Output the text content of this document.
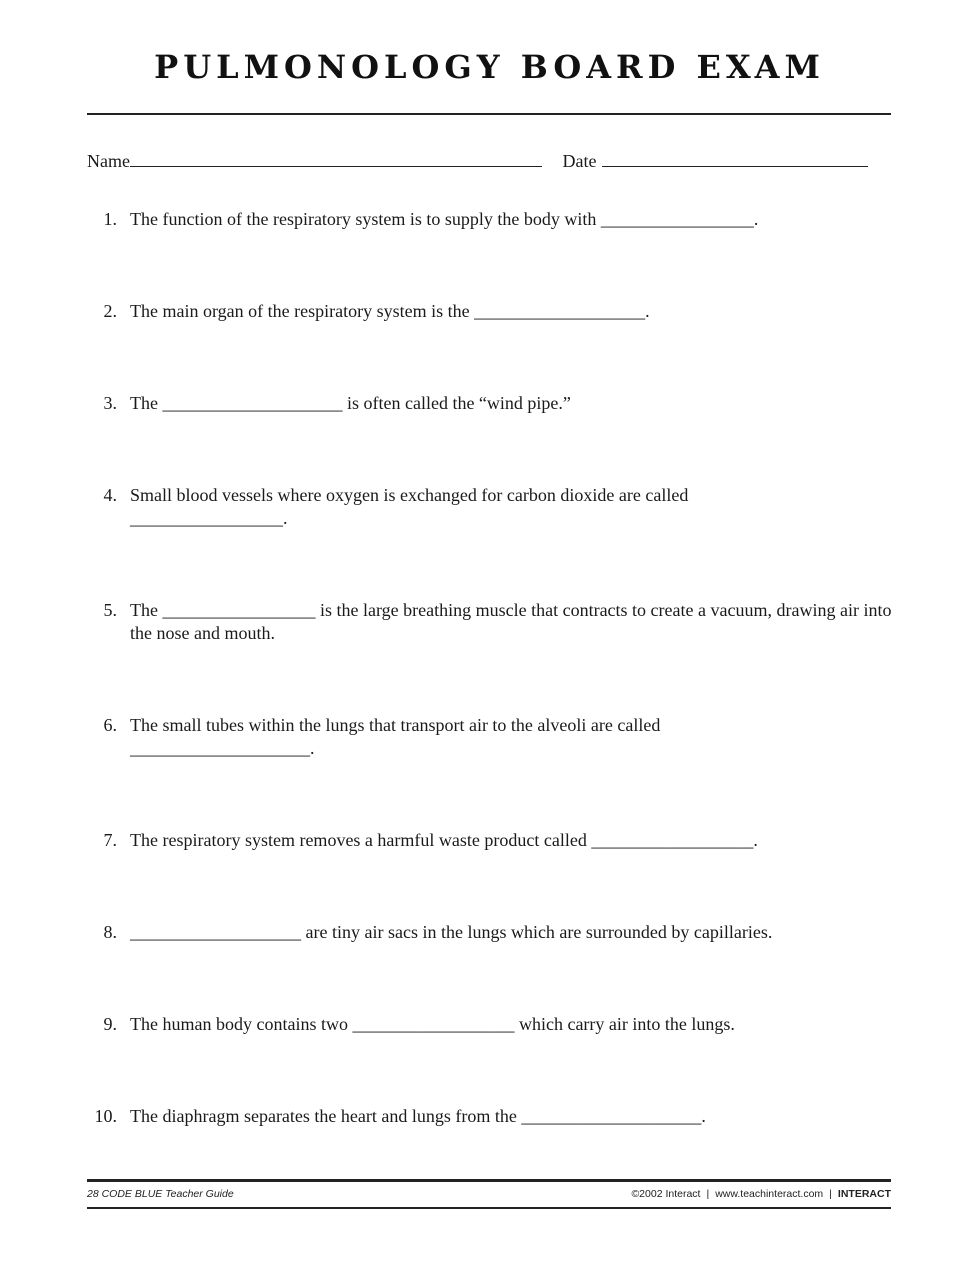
PULMONOLOGY BOARD EXAM
Name	Date
1. The function of the respiratory system is to supply the body with _________________.
2. The main organ of the respiratory system is the ___________________.
3. The ____________________ is often called the “wind pipe.”
4. Small blood vessels where oxygen is exchanged for carbon dioxide are called _________________.
5. The _________________ is the large breathing muscle that contracts to create a vacuum, drawing air into the nose and mouth.
6. The small tubes within the lungs that transport air to the alveoli are called ____________________.
7. The respiratory system removes a harmful waste product called __________________.
8. ___________________ are tiny air sacs in the lungs which are surrounded by capillaries.
9. The human body contains two __________________ which carry air into the lungs.
10. The diaphragm separates the heart and lungs from the ____________________.
28 CODE BLUE Teacher Guide	©2002 Interact | www.teachinteract.com | INTERACT
